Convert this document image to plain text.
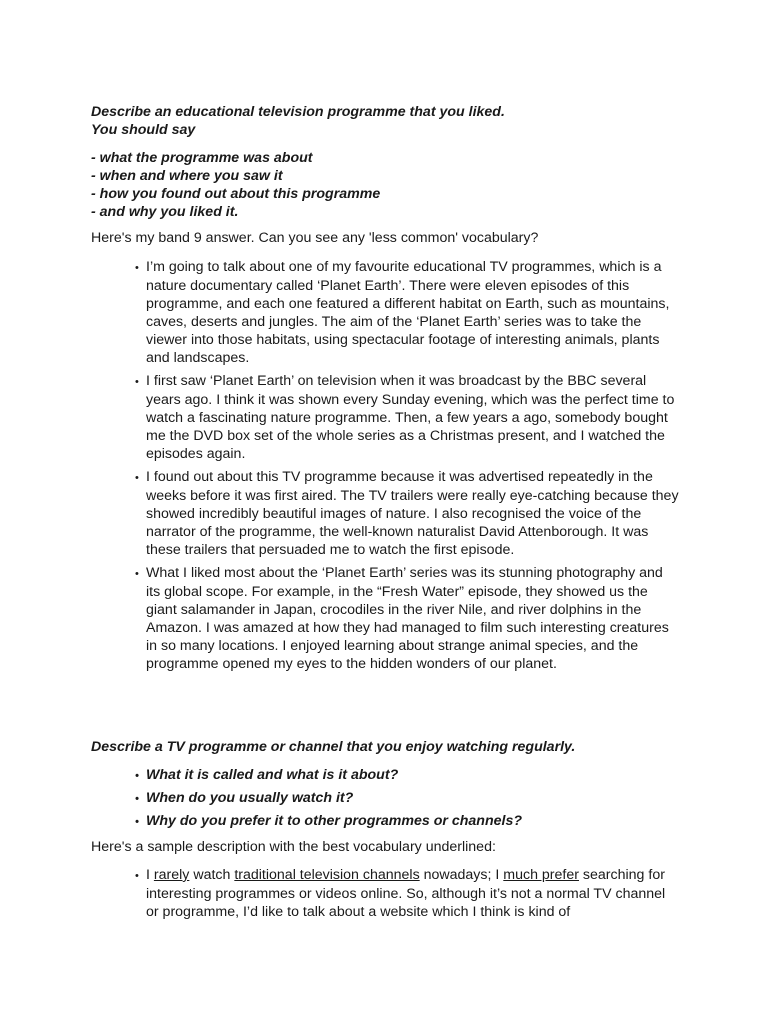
Describe an educational television programme that you liked.

You should say

- what the programme was about

- when and where you saw it

- how you found out about this programme

- and why you liked it.

Here's my band 9 answer. Can you see any 'less common' vocabulary?

• I’m going to talk about one of my favourite educational TV programmes, which is a nature documentary called ‘Planet Earth’. There were eleven episodes of this programme, and each one featured a different habitat on Earth, such as mountains, caves, deserts and jungles. The aim of the ‘Planet Earth’ series was to take the viewer into those habitats, using spectacular footage of interesting animals, plants and landscapes.
• I first saw ‘Planet Earth’ on television when it was broadcast by the BBC several years ago. I think it was shown every Sunday evening, which was the perfect time to watch a fascinating nature programme. Then, a few years a ago, somebody bought me the DVD box set of the whole series as a Christmas present, and I watched the episodes again.
• I found out about this TV programme because it was advertised repeatedly in the weeks before it was first aired. The TV trailers were really eye-catching because they showed incredibly beautiful images of nature. I also recognised the voice of the narrator of the programme, the well-known naturalist David Attenborough. It was these trailers that persuaded me to watch the first episode.
• What I liked most about the ‘Planet Earth’ series was its stunning photography and its global scope. For example, in the “Fresh Water” episode, they showed us the giant salamander in Japan, crocodiles in the river Nile, and river dolphins in the Amazon. I was amazed at how they had managed to film such interesting creatures in so many locations. I enjoyed learning about strange animal species, and the programme opened my eyes to the hidden wonders of our planet.

Describe a TV programme or channel that you enjoy watching regularly.

• What it is called and what is it about?
• When do you usually watch it?
• Why do you prefer it to other programmes or channels?

Here's a sample description with the best vocabulary underlined:

• I rarely watch traditional television channels nowadays; I much prefer searching for interesting programmes or videos online. So, although it’s not a normal TV channel or programme, I’d like to talk about a website which I think is kind of
